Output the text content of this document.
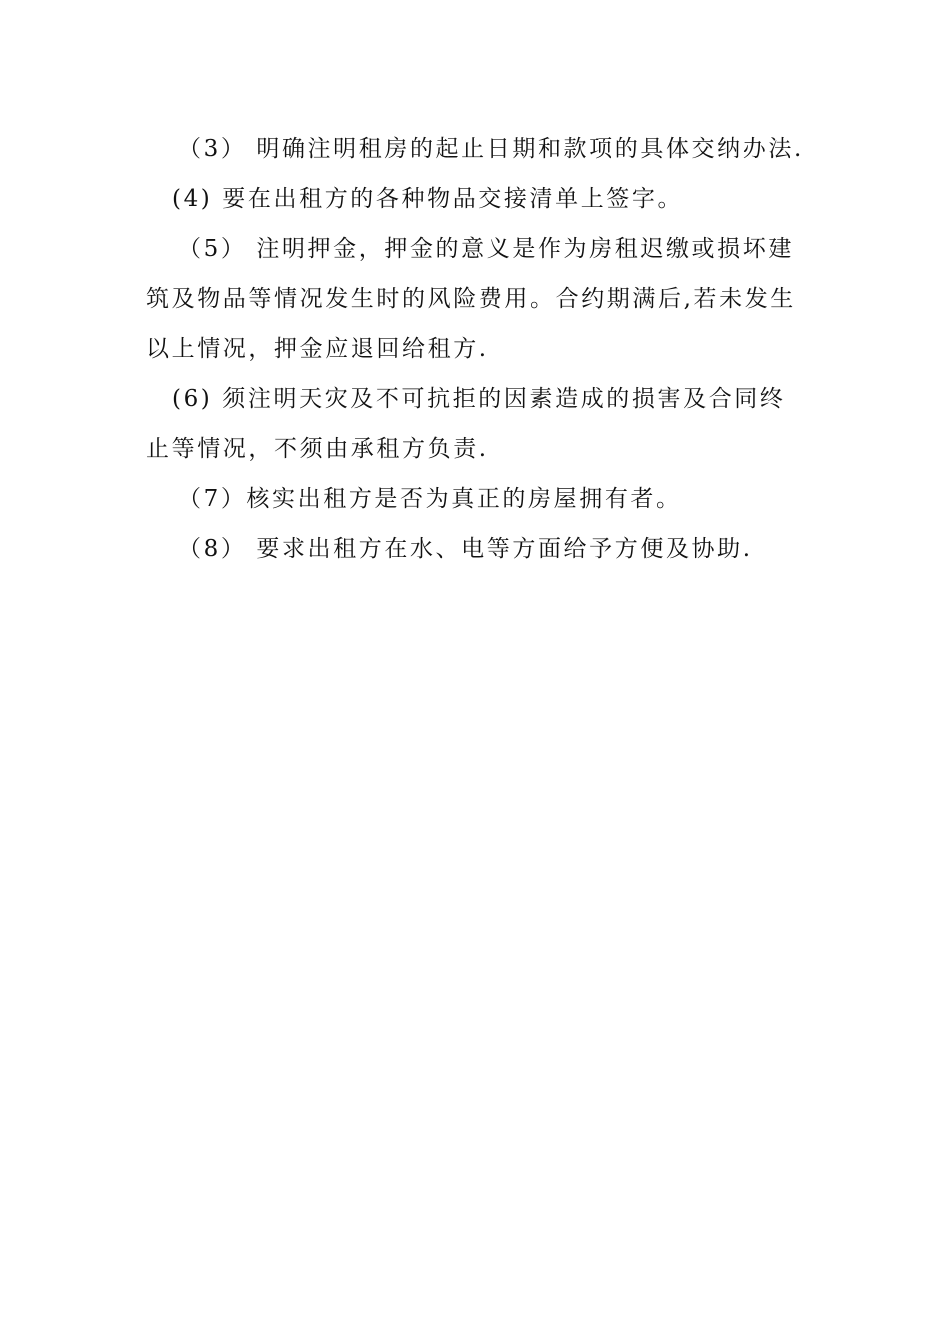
（3） 明确注明租房的起止日期和款项的具体交纳办法.
(4) 要在出租方的各种物品交接清单上签字。
（5） 注明押金，押金的意义是作为房租迟缴或损坏建
筑及物品等情况发生时的风险费用。合约期满后,若未发生
以上情况，押金应退回给租方.
(6) 须注明天灾及不可抗拒的因素造成的损害及合同终
止等情况，不须由承租方负责.
（7）核实出租方是否为真正的房屋拥有者。
（8） 要求出租方在水、电等方面给予方便及协助.
